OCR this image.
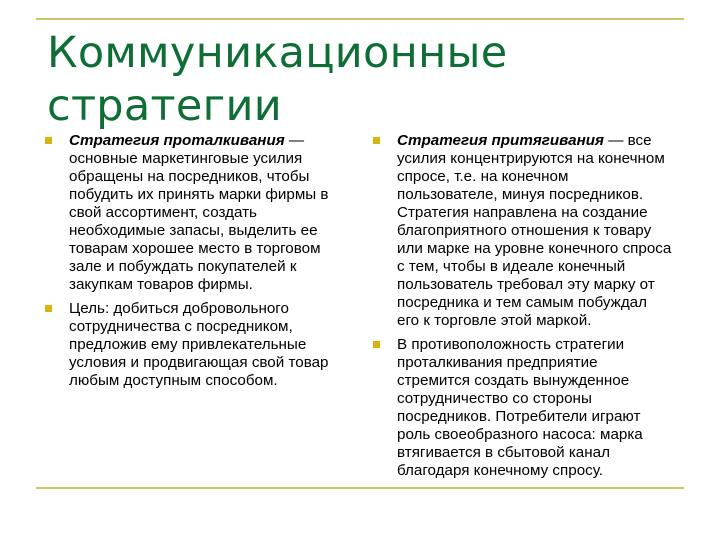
Коммуникационные стратегии
Стратегия проталкивания — основные маркетинговые усилия обращены на посредников, чтобы побудить их принять марки фирмы в свой ассортимент, создать необходимые запасы, выделить ее товарам хорошее место в торговом зале и побуждать покупателей к закупкам товаров фирмы.
Цель: добиться добровольного сотрудничества с посредником, предложив ему привлекательные условия и продвигающая свой товар любым доступным способом.
Стратегия притягивания — все усилия концентрируются на конечном спросе, т.е. на конечном пользователе, минуя посредников. Стратегия направлена на создание благоприятного отношения к товару или марке на уровне конечного спроса с тем, чтобы в идеале конечный пользователь требовал эту марку от посредника и тем самым побуждал его к торговле этой маркой.
В противоположность стратегии проталкивания предприятие стремится создать вынужденное сотрудничество со стороны посредников. Потребители играют роль своеобразного насоса: марка втягивается в сбытовой канал благодаря конечному спросу.
